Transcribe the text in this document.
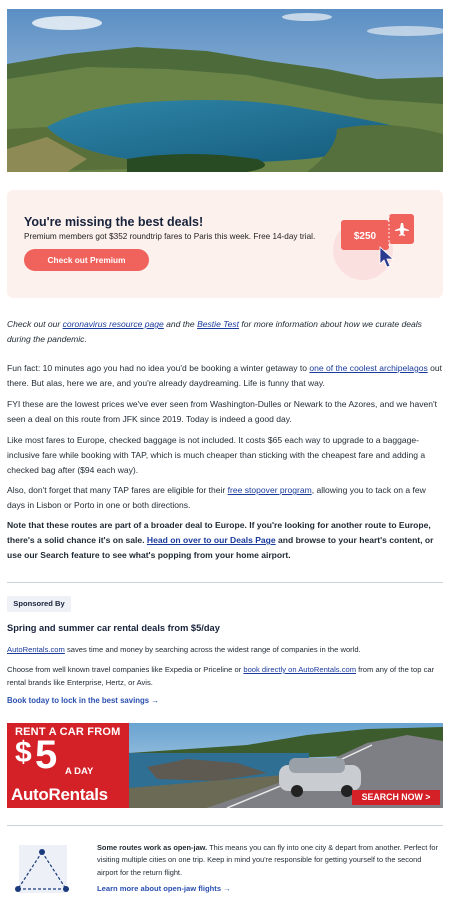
You're missing the best deals!
Premium members got $352 roundtrip fares to Paris this week. Free 14-day trial.
Check out Premium
$250
Check out our coronavirus resource page and the Bestie Test for more information about how we curate deals during the pandemic.
Fun fact: 10 minutes ago you had no idea you'd be booking a winter getaway to one of the coolest archipelagos out there. But alas, here we are, and you're already daydreaming. Life is funny that way.
FYI these are the lowest prices we've ever seen from Washington-Dulles or Newark to the Azores, and we haven't seen a deal on this route from JFK since 2019. Today is indeed a good day.
Like most fares to Europe, checked baggage is not included. It costs $65 each way to upgrade to a baggage-inclusive fare while booking with TAP, which is much cheaper than sticking with the cheapest fare and adding a checked bag after ($94 each way).
Also, don't forget that many TAP fares are eligible for their free stopover program, allowing you to tack on a few days in Lisbon or Porto in one or both directions.
Note that these routes are part of a broader deal to Europe. If you're looking for another route to Europe, there's a solid chance it's on sale. Head on over to our Deals Page and browse to your heart's content, or use our Search feature to see what's popping from your home airport.
Sponsored By
Spring and summer car rental deals from $5/day
AutoRentals.com saves time and money by searching across the widest range of companies in the world.
Choose from well known travel companies like Expedia or Priceline or book directly on AutoRentals.com from any of the top car rental brands like Enterprise, Hertz, or Avis.
Book today to lock in the best savings →
RENT A CAR FROM
$ 5 A DAY
AutoRentals	SEARCH NOW >
Some routes work as open-jaw. This means you can fly into one city & depart from another. Perfect for visiting multiple cities on one trip. Keep in mind you're responsible for getting yourself to the second airport for the return flight.
Learn more about open-jaw flights →
